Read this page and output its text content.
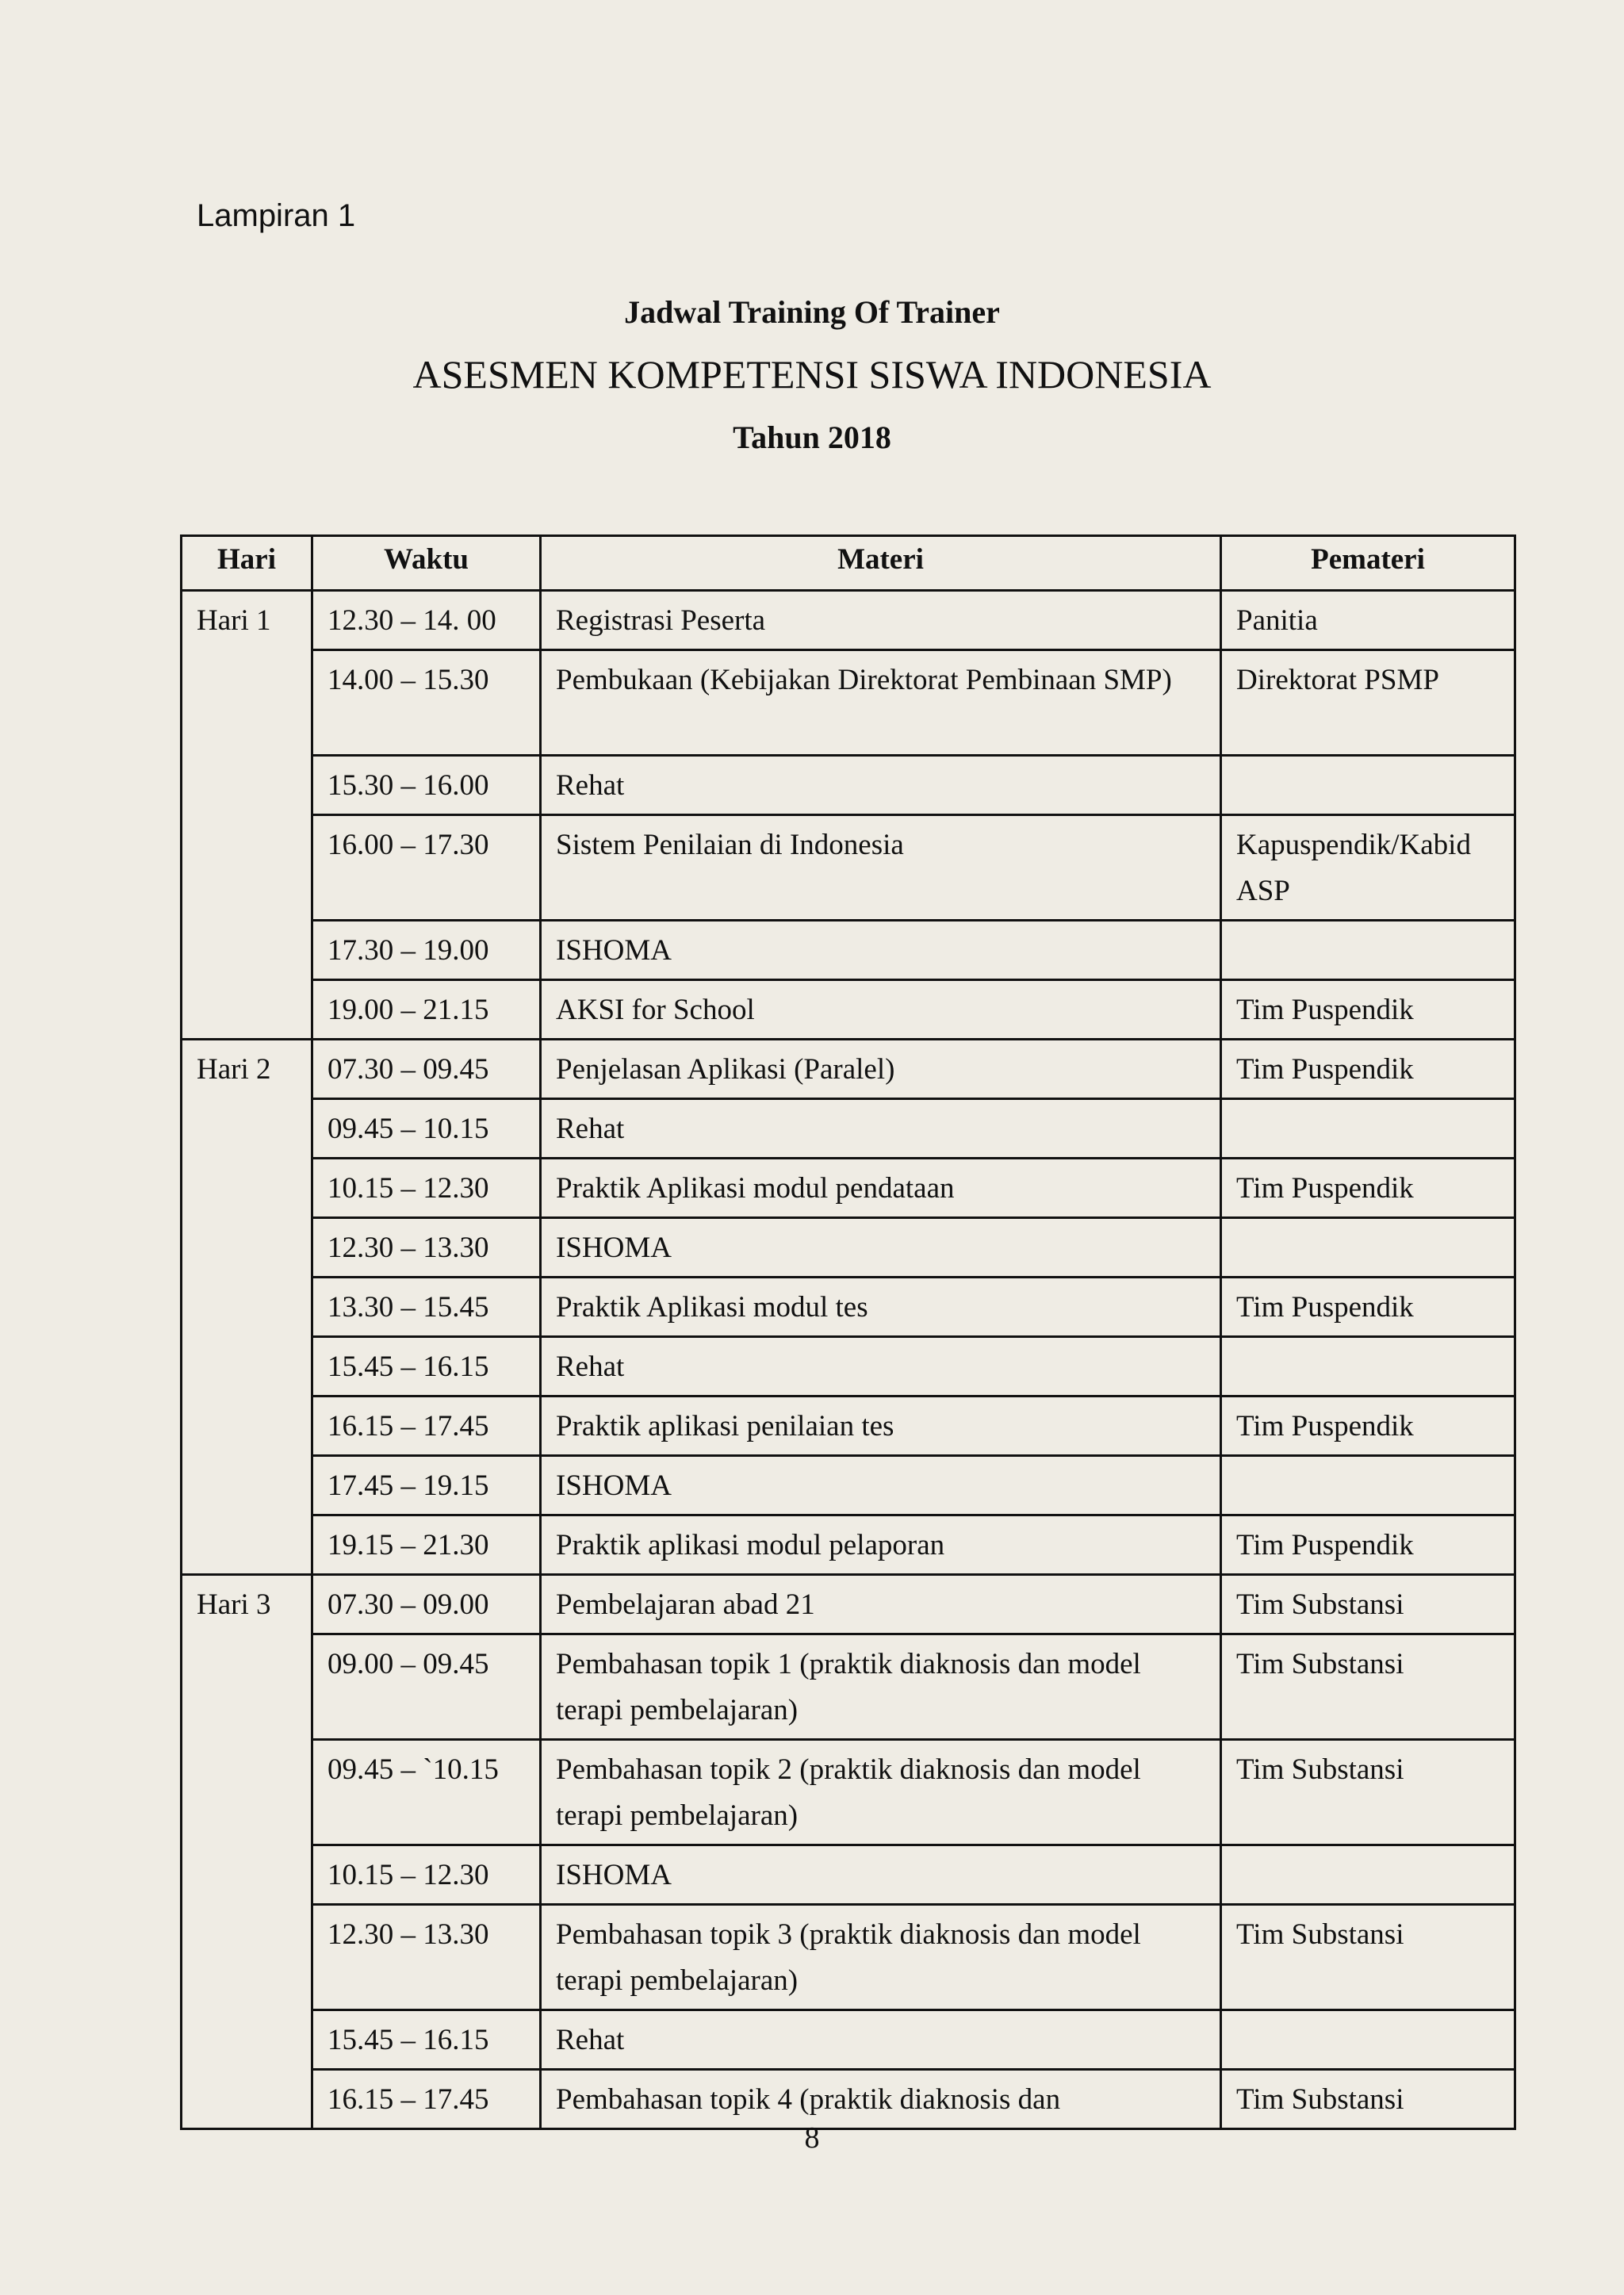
Lampiran 1
Jadwal Training Of Trainer
ASESMEN KOMPETENSI SISWA INDONESIA
Tahun 2018
Hari	Waktu	Materi	Pemateri
Hari 1	12.30 – 14. 00	Registrasi Peserta	Panitia
	14.00 – 15.30	Pembukaan (Kebijakan Direktorat Pembinaan SMP)	Direktorat PSMP
	15.30 – 16.00	Rehat	
	16.00 – 17.30	Sistem Penilaian di Indonesia	Kapuspendik/Kabid ASP
	17.30 – 19.00	ISHOMA	
	19.00 – 21.15	AKSI for School	Tim Puspendik
Hari 2	07.30 – 09.45	Penjelasan Aplikasi (Paralel)	Tim Puspendik
	09.45 – 10.15	Rehat	
	10.15 – 12.30	Praktik Aplikasi modul pendataan	Tim Puspendik
	12.30 – 13.30	ISHOMA	
	13.30 – 15.45	Praktik Aplikasi modul tes	Tim Puspendik
	15.45 – 16.15	Rehat	
	16.15 – 17.45	Praktik aplikasi penilaian tes	Tim Puspendik
	17.45 – 19.15	ISHOMA	
	19.15 – 21.30	Praktik aplikasi modul pelaporan	Tim Puspendik
Hari 3	07.30 – 09.00	Pembelajaran abad 21	Tim Substansi
	09.00 – 09.45	Pembahasan topik 1 (praktik diaknosis dan model terapi pembelajaran)	Tim Substansi
	09.45 – `10.15	Pembahasan topik 2 (praktik diaknosis dan model terapi pembelajaran)	Tim Substansi
	10.15 – 12.30	ISHOMA	
	12.30 – 13.30	Pembahasan topik 3 (praktik diaknosis dan model terapi pembelajaran)	Tim Substansi
	15.45 – 16.15	Rehat	
	16.15 – 17.45	Pembahasan topik 4 (praktik diaknosis dan	Tim Substansi
8
